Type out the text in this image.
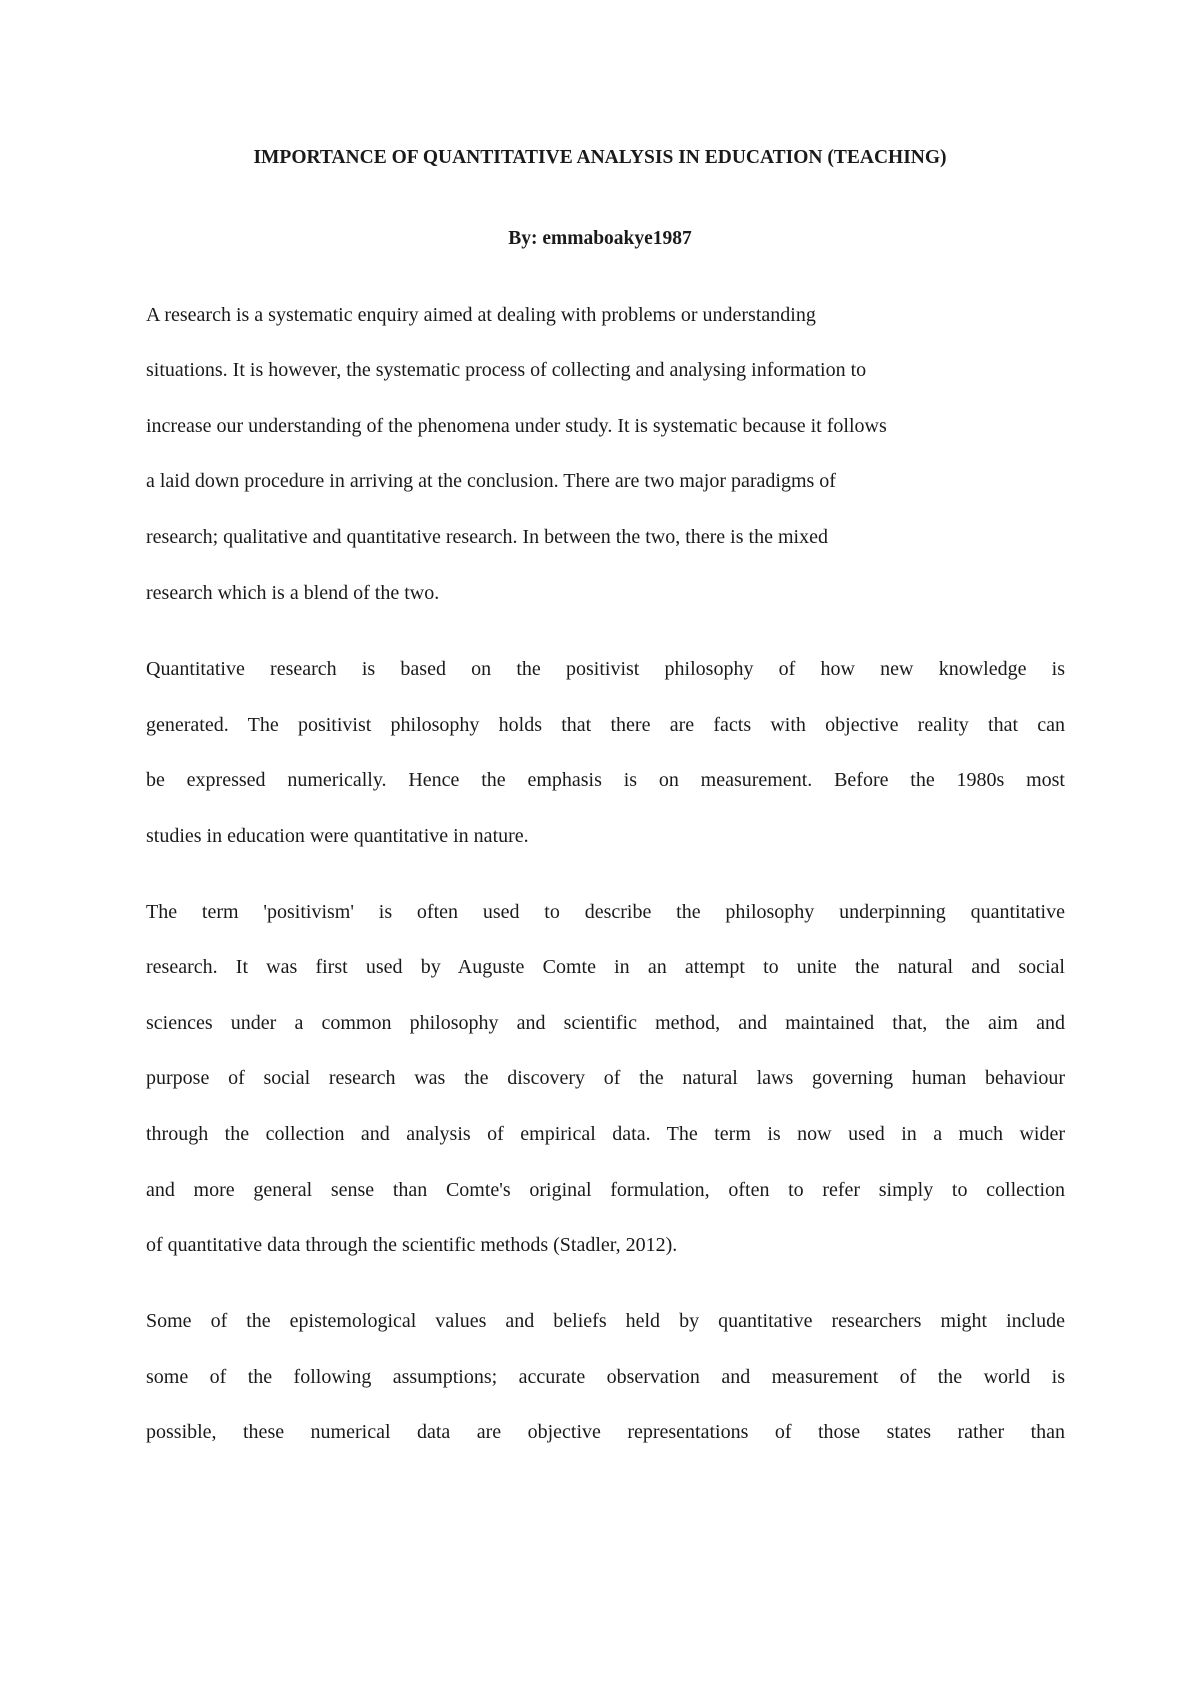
IMPORTANCE OF QUANTITATIVE ANALYSIS IN EDUCATION (TEACHING)
By: emmaboakye1987
A research is a systematic enquiry aimed at dealing with problems or understanding
situations. It is however, the systematic process of collecting and analysing information to
increase our understanding of the phenomena under study. It is systematic because it follows
a laid down procedure in arriving at the conclusion. There are two major paradigms of
research; qualitative and quantitative research. In between the two, there is the mixed
research which is a blend of the two.
Quantitative research is based on the positivist philosophy of how new knowledge is
generated. The positivist philosophy holds that there are facts with objective reality that can
be expressed numerically. Hence the emphasis is on measurement. Before the 1980s most
studies in education were quantitative in nature.
The term 'positivism' is often used to describe the philosophy underpinning quantitative
research. It was first used by Auguste Comte in an attempt to unite the natural and social
sciences under a common philosophy and scientific method, and maintained that, the aim and
purpose of social research was the discovery of the natural laws governing human behaviour
through the collection and analysis of empirical data. The term is now used in a much wider
and more general sense than Comte's original formulation, often to refer simply to collection
of quantitative data through the scientific methods (Stadler, 2012).
Some of the epistemological values and beliefs held by quantitative researchers might include
some of the following assumptions; accurate observation and measurement of the world is
possible, these numerical data are objective representations of those states rather than
